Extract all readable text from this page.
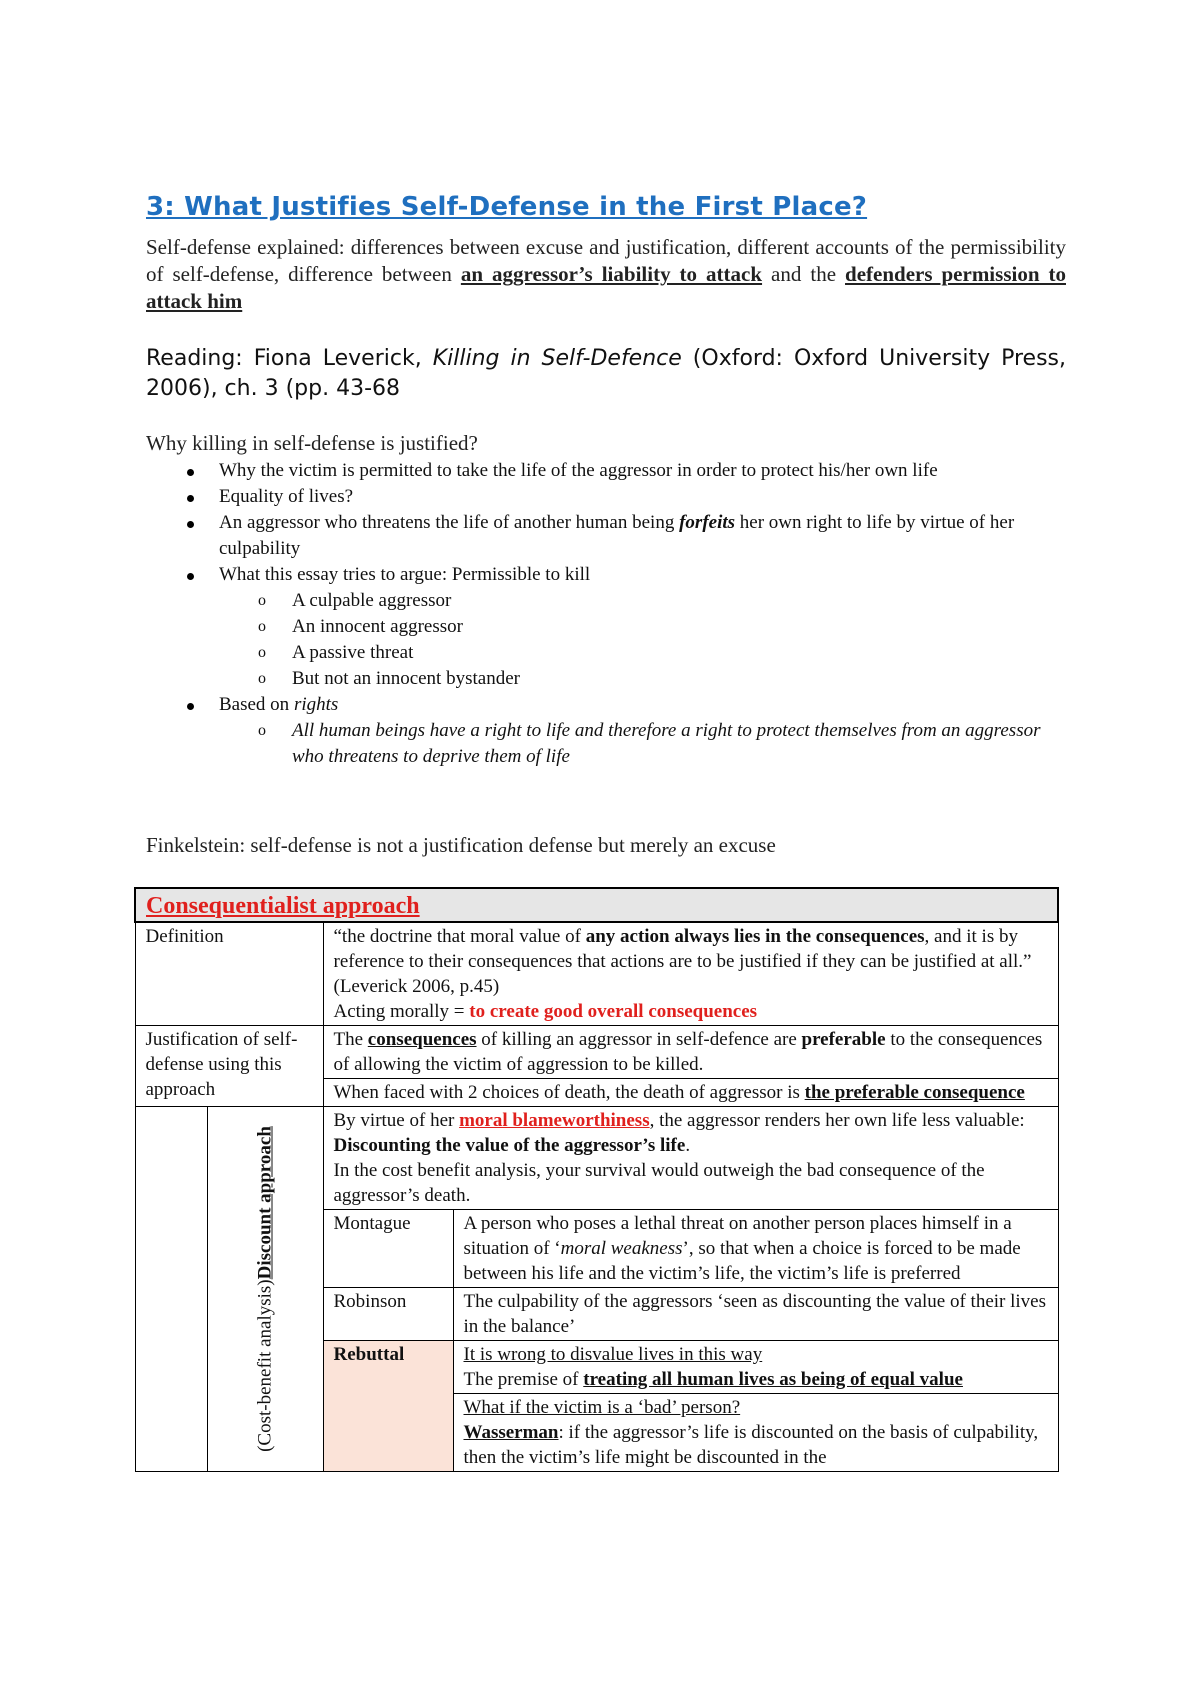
3: What Justifies Self-Defense in the First Place?
Self-defense explained: differences between excuse and justification, different accounts of the permissibility of self-defense, difference between an aggressor’s liability to attack and the defenders permission to attack him
Reading: Fiona Leverick, Killing in Self-Defence (Oxford: Oxford University Press, 2006), ch. 3 (pp. 43-68
Why killing in self-defense is justified?
Why the victim is permitted to take the life of the aggressor in order to protect his/her own life
Equality of lives?
An aggressor who threatens the life of another human being forfeits her own right to life by virtue of her culpability
What this essay tries to argue: Permissible to kill
o A culpable aggressor
o An innocent aggressor
o A passive threat
o But not an innocent bystander
Based on rights
o All human beings have a right to life and therefore a right to protect themselves from an aggressor who threatens to deprive them of life
Finkelstein: self-defense is not a justification defense but merely an excuse
Consequentialist approach			
Definition		“the doctrine that moral value of any action always lies in the consequences, and it is by reference to their consequences that actions are to be justified if they can be justified at all.” (Leverick 2006, p.45)
Acting morally = to create good overall consequences	
Justification of self-defense using this approach		The consequences of killing an aggressor in self-defence are preferable to the consequences of allowing the victim of aggression to be killed.	
		When faced with 2 choices of death, the death of aggressor is the preferable consequence	

	(Cost-benefit analysis)Discount approach	By virtue of her moral blameworthiness, the aggressor renders her own life less valuable: Discounting the value of the aggressor’s life.
In the cost benefit analysis, your survival would outweigh the bad consequence of the aggressor’s death.	
		Montague	A person who poses a lethal threat on another person places himself in a situation of ‘moral weakness’, so that when a choice is forced to be made between his life and the victim’s life, the victim’s life is preferred
		Robinson	The culpability of the aggressors ‘seen as discounting the value of their lives in the balance’
		Rebuttal	It is wrong to disvalue lives in this way
The premise of treating all human lives as being of equal value
			What if the victim is a ‘bad’ person?
Wasserman: if the aggressor’s life is discounted on the basis of culpability, then the victim’s life might be discounted in the
